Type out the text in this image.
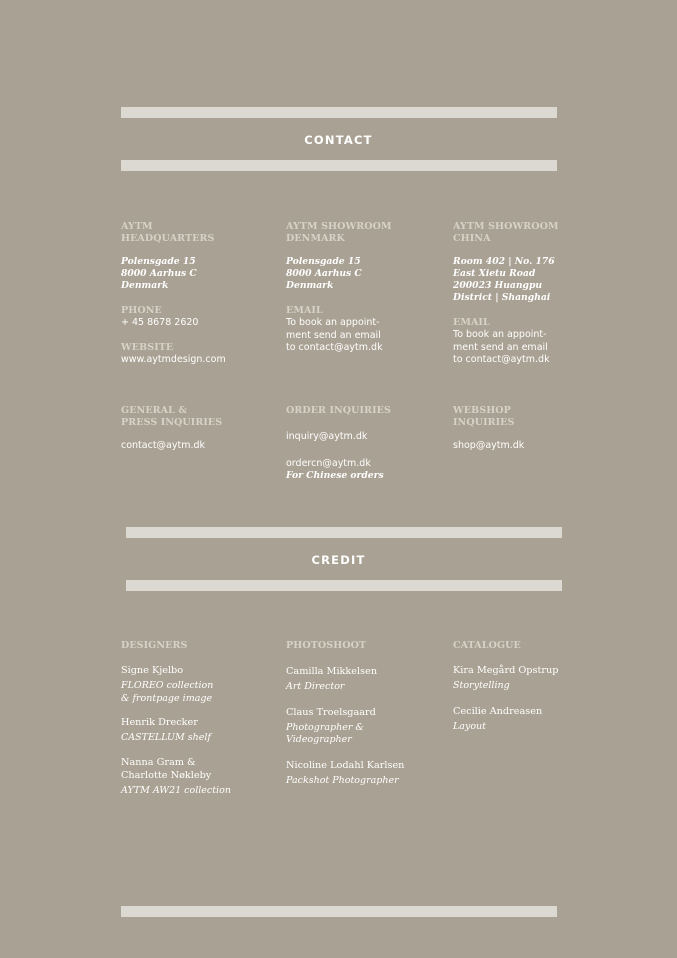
CONTACT
AYTM
HEADQUARTERS
Polensgade 15
8000 Aarhus C
Denmark
PHONE
+ 45 8678 2620
WEBSITE
www.aytmdesign.com
AYTM SHOWROOM
DENMARK
Polensgade 15
8000 Aarhus C
Denmark
EMAIL
To book an appoint-
ment send an email
to contact@aytm.dk
AYTM SHOWROOM
CHINA
Room 402 | No. 176
East Xietu Road
200023 Huangpu
District | Shanghai
EMAIL
To book an appoint-
ment send an email
to contact@aytm.dk
GENERAL &
PRESS INQUIRIES
contact@aytm.dk
ORDER INQUIRIES
inquiry@aytm.dk
ordercn@aytm.dk
For Chinese orders
WEBSHOP
INQUIRIES
shop@aytm.dk
CREDIT
DESIGNERS
Signe Kjelbo
FLOREO collection
& frontpage image
Henrik Drecker
CASTELLUM shelf
Nanna Gram &
Charlotte Nøkleby
AYTM AW21 collection
PHOTOSHOOT
Camilla Mikkelsen
Art Director
Claus Troelsgaard
Photographer &
Videographer
Nicoline Lodahl Karlsen
Packshot Photographer
CATALOGUE
Kira Megård Opstrup
Storytelling
Cecilie Andreasen
Layout
